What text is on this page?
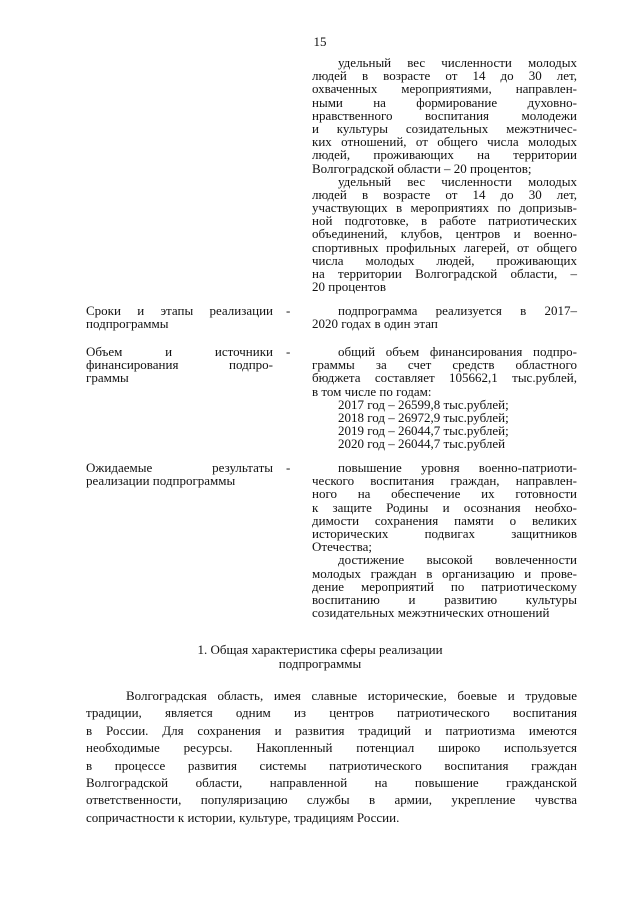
15
удельный вес численности молодых
людей в возрасте от 14 до 30 лет,
охваченных мероприятиями, направлен-
ными на формирование духовно-
нравственного воспитания молодежи
и культуры созидательных межэтничес-
ких отношений, от общего числа молодых
людей, проживающих на территории
Волгоградской области – 20 процентов;
удельный вес численности молодых
людей в возрасте от 14 до 30 лет,
участвующих в мероприятиях по допризыв-
ной подготовке, в работе патриотических
объединений, клубов, центров и военно-
спортивных профильных лагерей, от общего
числа молодых людей, проживающих
на территории Волгоградской области, –
20 процентов
Сроки и этапы реализации
подпрограммы
-	подпрограмма реализуется в 2017–
2020 годах в один этап
Объем и источники
финансирования подпро-
граммы
-	общий объем финансирования подпро-
граммы за счет средств областного
бюджета составляет 105662,1 тыс.рублей,
в том числе по годам:
2017 год – 26599,8 тыс.рублей;
2018 год – 26972,9 тыс.рублей;
2019 год – 26044,7 тыс.рублей;
2020 год – 26044,7 тыс.рублей
Ожидаемые результаты
реализации подпрограммы
-	повышение уровня военно-патриоти-
ческого воспитания граждан, направлен-
ного на обеспечение их готовности
к защите Родины и осознания необхо-
димости сохранения памяти о великих
исторических подвигах защитников
Отечества;
достижение высокой вовлеченности
молодых граждан в организацию и прове-
дение мероприятий по патриотическому
воспитанию и развитию культуры
созидательных межэтнических отношений
1. Общая характеристика сферы реализации
подпрограммы
Волгоградская область, имея славные исторические, боевые и трудовые
традиции, является одним из центров патриотического воспитания
в России. Для сохранения и развития традиций и патриотизма имеются
необходимые ресурсы. Накопленный потенциал широко используется
в процессе развития системы патриотического воспитания граждан
Волгоградской области, направленной на повышение гражданской
ответственности, популяризацию службы в армии, укрепление чувства
сопричастности к истории, культуре, традициям России.
